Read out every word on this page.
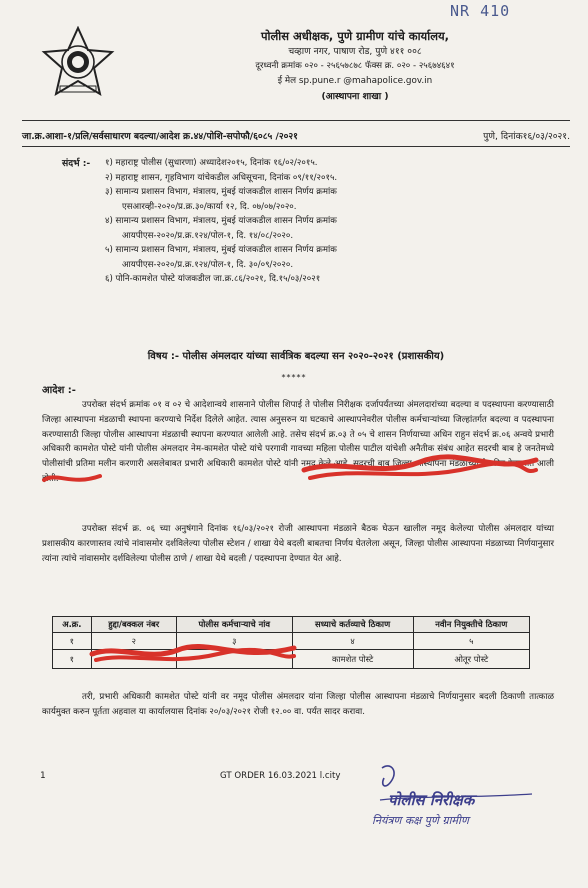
NR 410
पोलीस अधीक्षक, पुणे ग्रामीण यांचे कार्यालय,
चव्हाण नगर, पाषाण रोड, पुणे ४११ ००८
दूरध्वनी क्रमांक ०२० - २५६५७८७८ फॅक्स क्र. ०२० - २५६७४६४१
ई मेल sp.pune.r @mahapolice.gov.in
(आस्थापना शाखा )
जा.क्र.आशा-१/प्रलि/सर्वसाधारण बदल्या/आदेश क्र.४४/पोशि-सपोफौ/६०८५ /२०२१	पुणे, दिनांक१६/०३/२०२१.
संदर्भ :- १) महाराष्ट्र पोलीस (सुधारणा) अध्यादेश२०१५, दिनांक १६/०२/२०१५.
२) महाराष्ट्र शासन, गृहविभाग यांचेकडील अधिसूचना, दिनांक ०९/११/२०१५.
३) सामान्य प्रशासन विभाग, मंत्रालय, मुंबई यांजकडील शासन निर्णय क्रमांक
एसआरव्ही-२०२०/प्र.क्र.३०/कार्या १२, दि. ०७/०७/२०२०.
४) सामान्य प्रशासन विभाग, मंत्रालय, मुंबई यांजकडील शासन निर्णय क्रमांक
आयपीएस-२०२०/प्र.क्र.१२४/पोल-१, दि. १४/०८/२०२०.
५) सामान्य प्रशासन विभाग, मंत्रालय, मुंबई यांजकडील शासन निर्णय क्रमांक
आयपीएस-२०२०/प्र.क्र.१२४/पोल-१, दि. ३०/०९/२०२०.
६) पोनि-कामशेत पोस्टे यांजकडील जा.क्र.८६/२०२१, दि.१५/०३/२०२१
विषय :- पोलीस अंमलदार यांच्या सार्वत्रिक बदल्या सन २०२०-२०२१ (प्रशासकीय)
*****
आदेश :-
उपरोक्त संदर्भ क्रमांक ०१ व ०२ चे आदेशान्वये शासनाने पोलीस शिपाई ते पोलीस निरीक्षक दर्जापर्यंतच्या अंमलदारांच्या बदल्या व पदस्थापना करण्यासाठी जिल्हा आस्थापना मंडळाची स्थापना करण्याचे निर्देश दिलेले आहेत. त्यास अनुसरुन या घटकाचे आस्थापनेवरील पोलीस कर्मचाऱ्यांच्या जिल्हांतर्गत बदल्या व पदस्थापना करण्यासाठी जिल्हा पोलीस आस्थापना मंडळाची स्थापना करण्यात आलेली आहे. तसेच संदर्भ क्र.०३ ते ०५ चे शासन निर्णयाच्या अधिन राहुन संदर्भ क्र.०६ अन्वये प्रभारी अधिकारी कामशेत पोस्टे यांनी पोलीस अंमलदार नेम-कामशेत पोस्टे यांचे परगावी गावच्या महिला पोलीस पाटील यांचेशी अनैतीक संबंध आहेत सदरची बाब हे जनतेमध्ये पोलीसांची प्रतिमा मलीन करणारी असलेबाबत प्रभारी अधिकारी कामशेत पोस्टे यांनी नमूद केले आहे. सदरची बाब जिल्हा आस्थापना मंडळाच्या बैठकीत ठेवण्यात आली होती.
उपरोक्त संदर्भ क्र. ०६ च्या अनुषंगाने दिनांक १६/०३/२०२१ रोजी आस्थापना मंडळाने बैठक घेऊन खालील नमूद केलेल्या पोलीस अंमलदार यांच्या प्रशासकीय कारणास्तव त्यांचे नांवासमोर दर्शविलेल्या पोलीस स्टेशन / शाखा येथे बदली बाबतचा निर्णय घेतलेला असून, जिल्हा पोलीस आस्थापना मंडळाच्या निर्णयानुसार त्यांना त्यांचे नांवासमोर दर्शविलेल्या पोलीस ठाणे / शाखा येथे बदली / पदस्थापना देण्यात येत आहे.
अ.क्र.	हुद्दा/बक्कल नंबर	पोलीस कर्मचाऱ्याचे नांव	सध्याचे कर्तव्याचे ठिकाण	नवीन नियुक्तीचे ठिकाण
१	२	३	४	५
१			कामशेत पोस्टे	ओतूर पोस्टे
तरी, प्रभारी अधिकारी कामशेत पोस्टे यांनी वर नमूद पोलीस अंमलदार यांना जिल्हा पोलीस आस्थापना मंडळाचे निर्णयानुसार बदली ठिकाणी तात्काळ कार्यमुक्त करुन पूर्तता अहवाल या कार्यालयास दिनांक २०/०३/२०२१ रोजी १२.०० वा. पर्यंत सादर करावा.
1	GT ORDER 16.03.2021 l.city
पोलीस निरीक्षक
नियंत्रण कक्ष पुणे ग्रामीण
